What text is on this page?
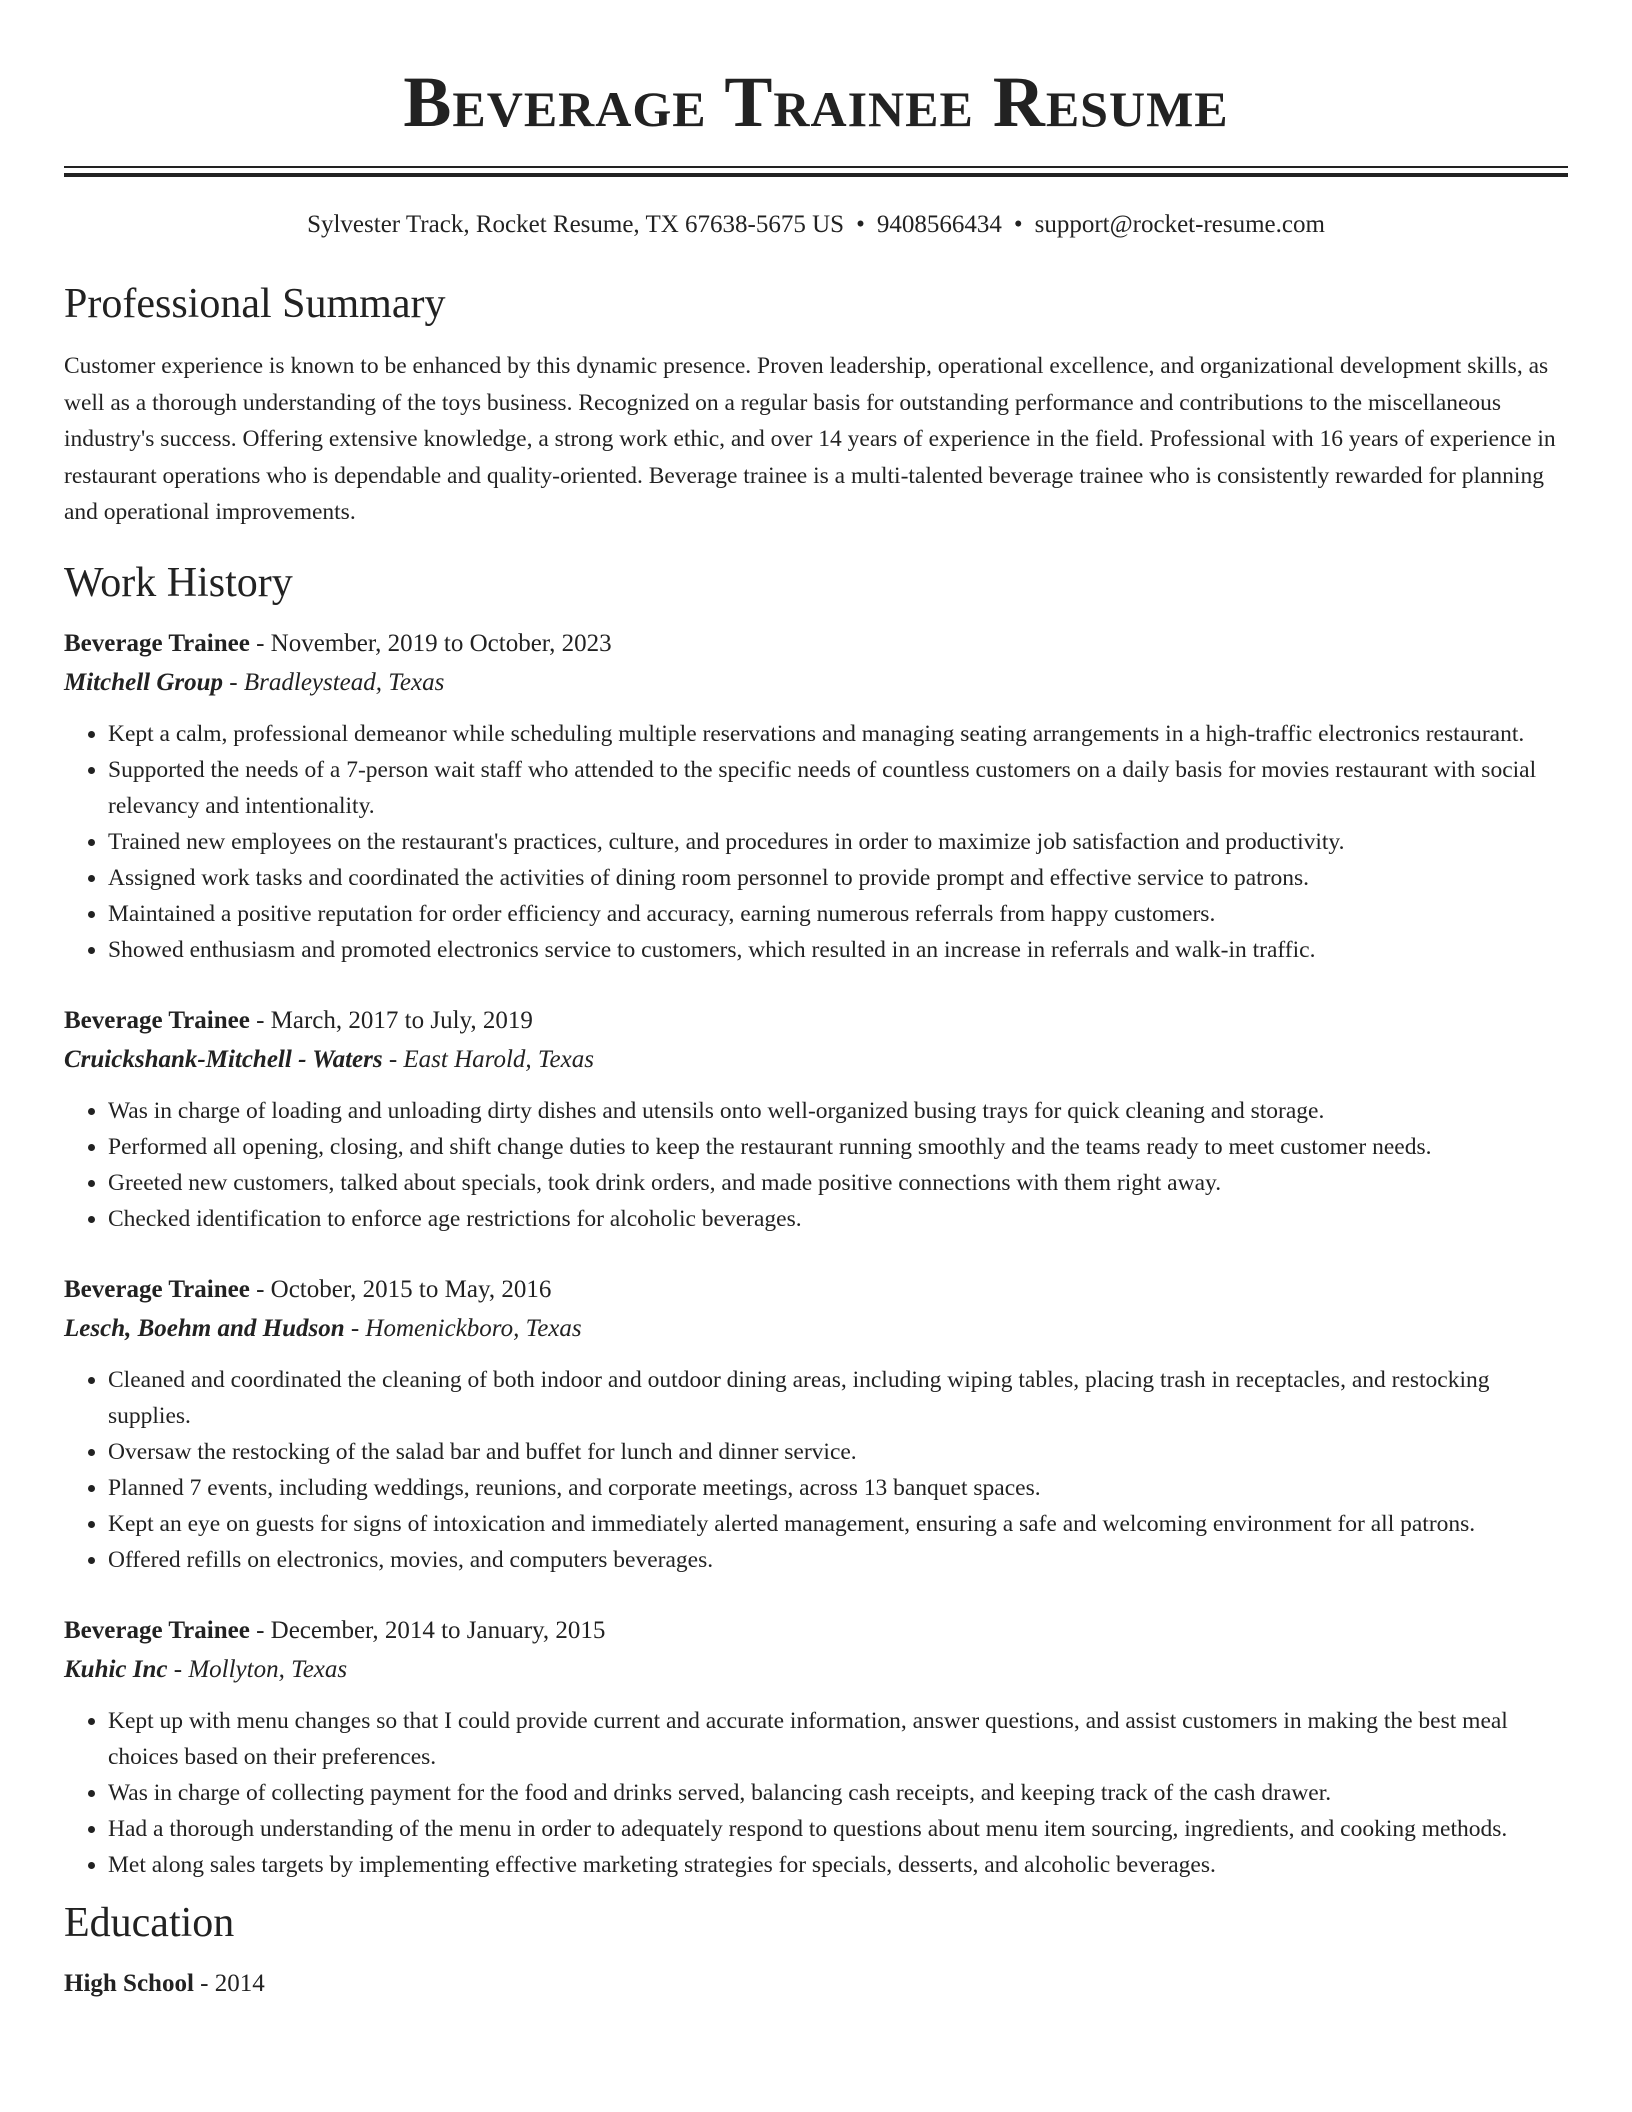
Beverage Trainee Resume
Sylvester Track, Rocket Resume, TX 67638-5675 US • 9408566434 • support@rocket-resume.com
Professional Summary

Customer experience is known to be enhanced by this dynamic presence. Proven leadership, operational excellence, and organizational development skills, as well as a thorough understanding of the toys business. Recognized on a regular basis for outstanding performance and contributions to the miscellaneous industry's success. Offering extensive knowledge, a strong work ethic, and over 14 years of experience in the field. Professional with 16 years of experience in restaurant operations who is dependable and quality-oriented. Beverage trainee is a multi-talented beverage trainee who is consistently rewarded for planning and operational improvements.

Work History
Beverage Trainee - November, 2019 to October, 2023
Mitchell Group - Bradleystead, Texas
• Kept a calm, professional demeanor while scheduling multiple reservations and managing seating arrangements in a high-traffic electronics restaurant.
• Supported the needs of a 7-person wait staff who attended to the specific needs of countless customers on a daily basis for movies restaurant with social relevancy and intentionality.
• Trained new employees on the restaurant's practices, culture, and procedures in order to maximize job satisfaction and productivity.
• Assigned work tasks and coordinated the activities of dining room personnel to provide prompt and effective service to patrons.
• Maintained a positive reputation for order efficiency and accuracy, earning numerous referrals from happy customers.
• Showed enthusiasm and promoted electronics service to customers, which resulted in an increase in referrals and walk-in traffic.
Beverage Trainee - March, 2017 to July, 2019
Cruickshank-Mitchell - Waters - East Harold, Texas
• Was in charge of loading and unloading dirty dishes and utensils onto well-organized busing trays for quick cleaning and storage.
• Performed all opening, closing, and shift change duties to keep the restaurant running smoothly and the teams ready to meet customer needs.
• Greeted new customers, talked about specials, took drink orders, and made positive connections with them right away.
• Checked identification to enforce age restrictions for alcoholic beverages.
Beverage Trainee - October, 2015 to May, 2016
Lesch, Boehm and Hudson - Homenickboro, Texas
• Cleaned and coordinated the cleaning of both indoor and outdoor dining areas, including wiping tables, placing trash in receptacles, and restocking supplies.
• Oversaw the restocking of the salad bar and buffet for lunch and dinner service.
• Planned 7 events, including weddings, reunions, and corporate meetings, across 13 banquet spaces.
• Kept an eye on guests for signs of intoxication and immediately alerted management, ensuring a safe and welcoming environment for all patrons.
• Offered refills on electronics, movies, and computers beverages.
Beverage Trainee - December, 2014 to January, 2015
Kuhic Inc - Mollyton, Texas
• Kept up with menu changes so that I could provide current and accurate information, answer questions, and assist customers in making the best meal choices based on their preferences.
• Was in charge of collecting payment for the food and drinks served, balancing cash receipts, and keeping track of the cash drawer.
• Had a thorough understanding of the menu in order to adequately respond to questions about menu item sourcing, ingredients, and cooking methods.
• Met along sales targets by implementing effective marketing strategies for specials, desserts, and alcoholic beverages.
Education
High School - 2014
